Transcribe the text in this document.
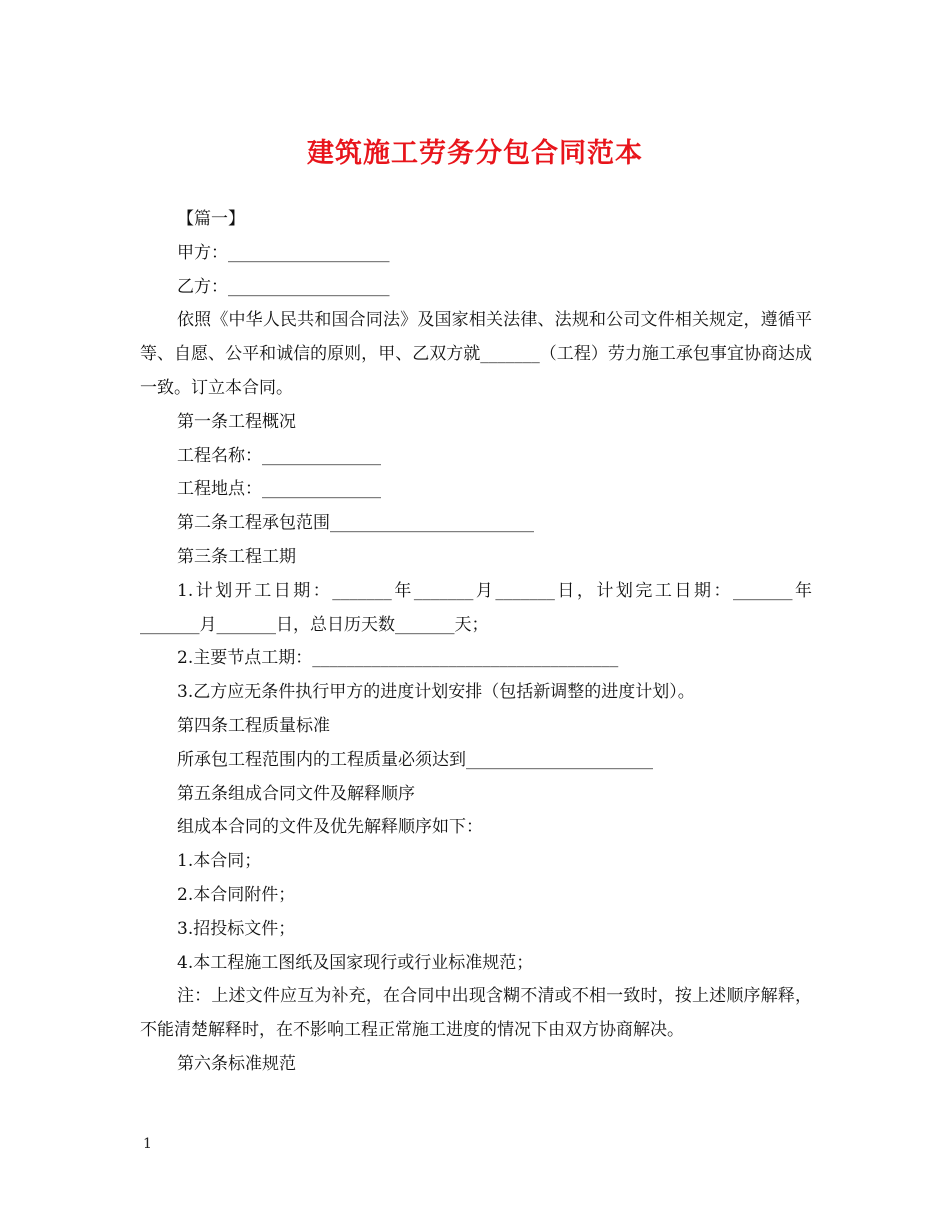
建筑施工劳务分包合同范本

【篇一】

甲方：___________________

乙方：___________________

依照《中华人民共和国合同法》及国家相关法律、法规和公司文件相关规定，遵循平等、自愿、公平和诚信的原则，甲、乙双方就_______（工程）劳力施工承包事宜协商达成一致。订立本合同。

第一条工程概况

工程名称：______________

工程地点：______________

第二条工程承包范围________________________

第三条工程工期

1.计划开工日期：_______年_______月_______日，计划完工日期：_______年_______月_______日，总日历天数_______天；

2.主要节点工期：____________________________________

3.乙方应无条件执行甲方的进度计划安排（包括新调整的进度计划）。

第四条工程质量标准

所承包工程范围内的工程质量必须达到______________________

第五条组成合同文件及解释顺序

组成本合同的文件及优先解释顺序如下：

1.本合同；

2.本合同附件；

3.招投标文件；

4.本工程施工图纸及国家现行或行业标准规范；

注：上述文件应互为补充，在合同中出现含糊不清或不相一致时，按上述顺序解释，不能清楚解释时，在不影响工程正常施工进度的情况下由双方协商解决。

第六条标准规范

1
